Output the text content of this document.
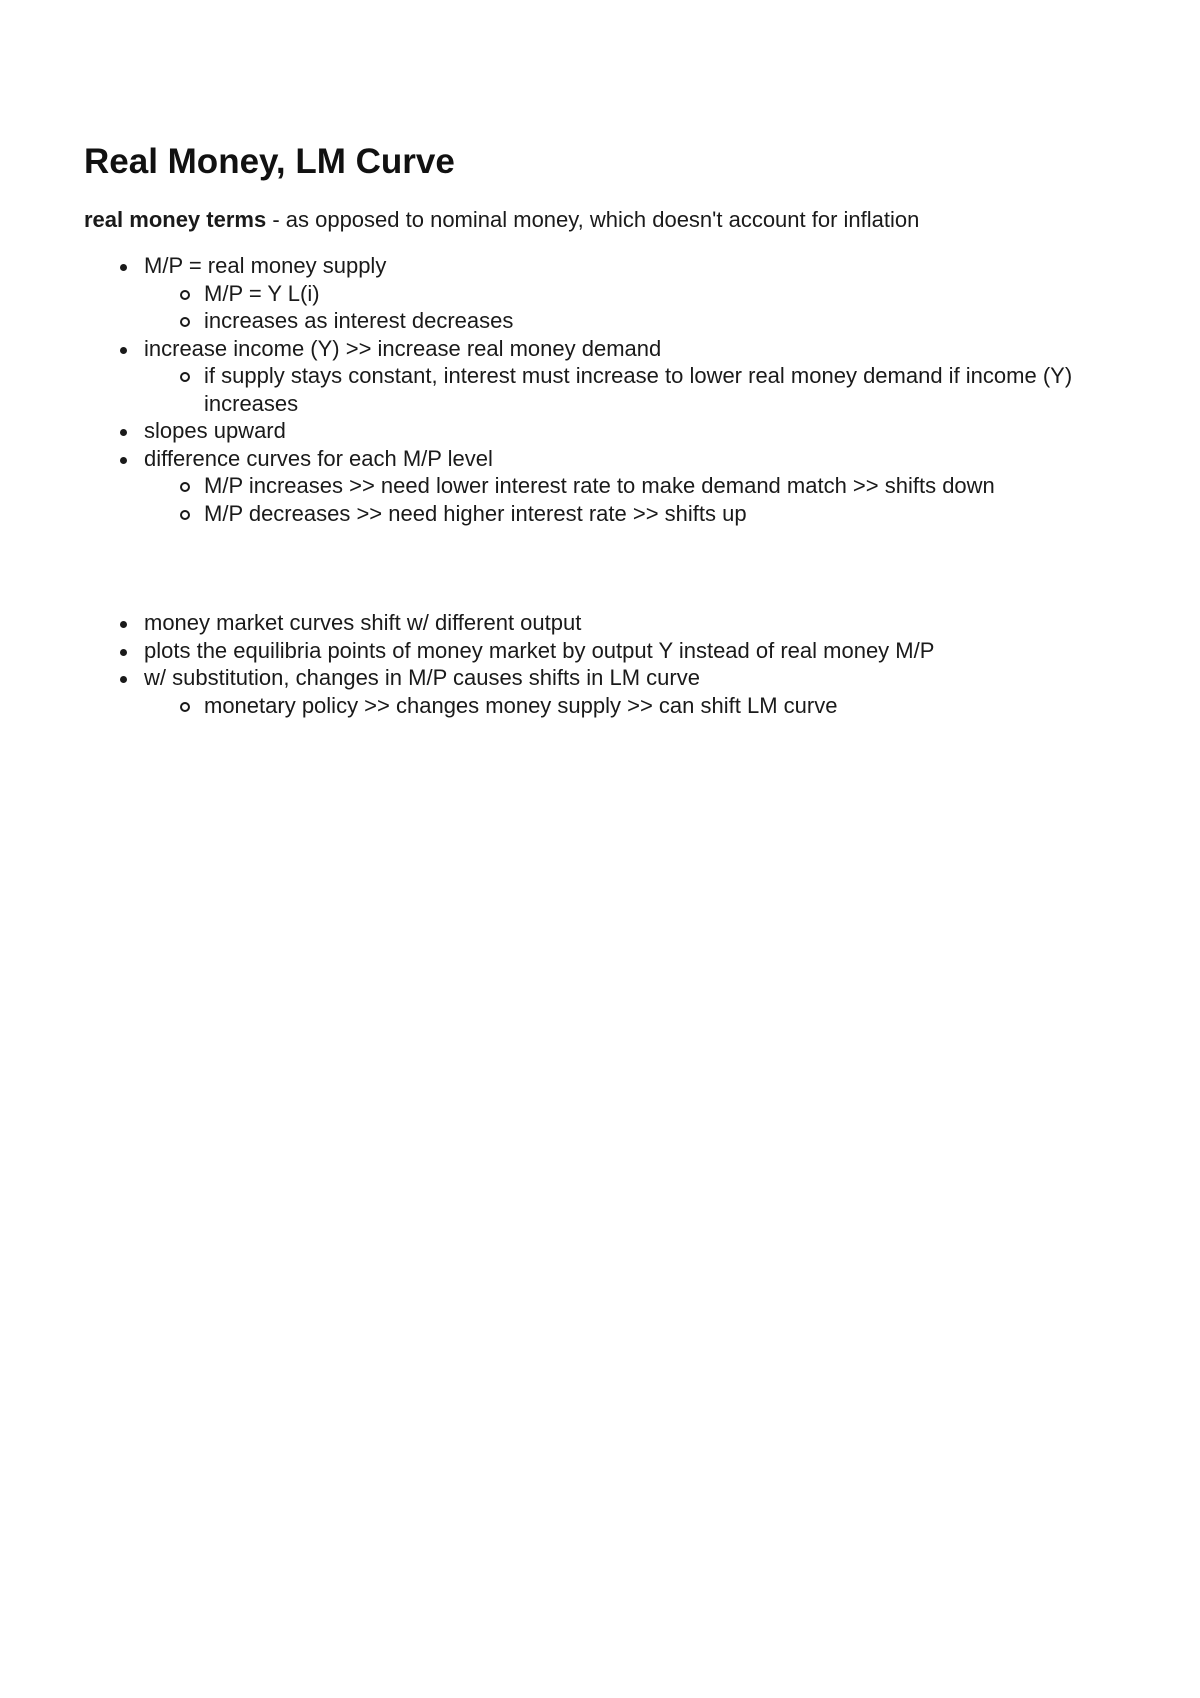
Real Money, LM Curve

real money terms - as opposed to nominal money, which doesn't account for inflation

M/P = real money supply
M/P = Y L(i)
increases as interest decreases
increase income (Y) >> increase real money demand
if supply stays constant, interest must increase to lower real money demand if income (Y) increases
slopes upward
difference curves for each M/P level
M/P increases >> need lower interest rate to make demand match >> shifts down
M/P decreases >> need higher interest rate >> shifts up
money market curves shift w/ different output
plots the equilibria points of money market by output Y instead of real money M/P
w/ substitution, changes in M/P causes shifts in LM curve
monetary policy >> changes money supply >> can shift LM curve
